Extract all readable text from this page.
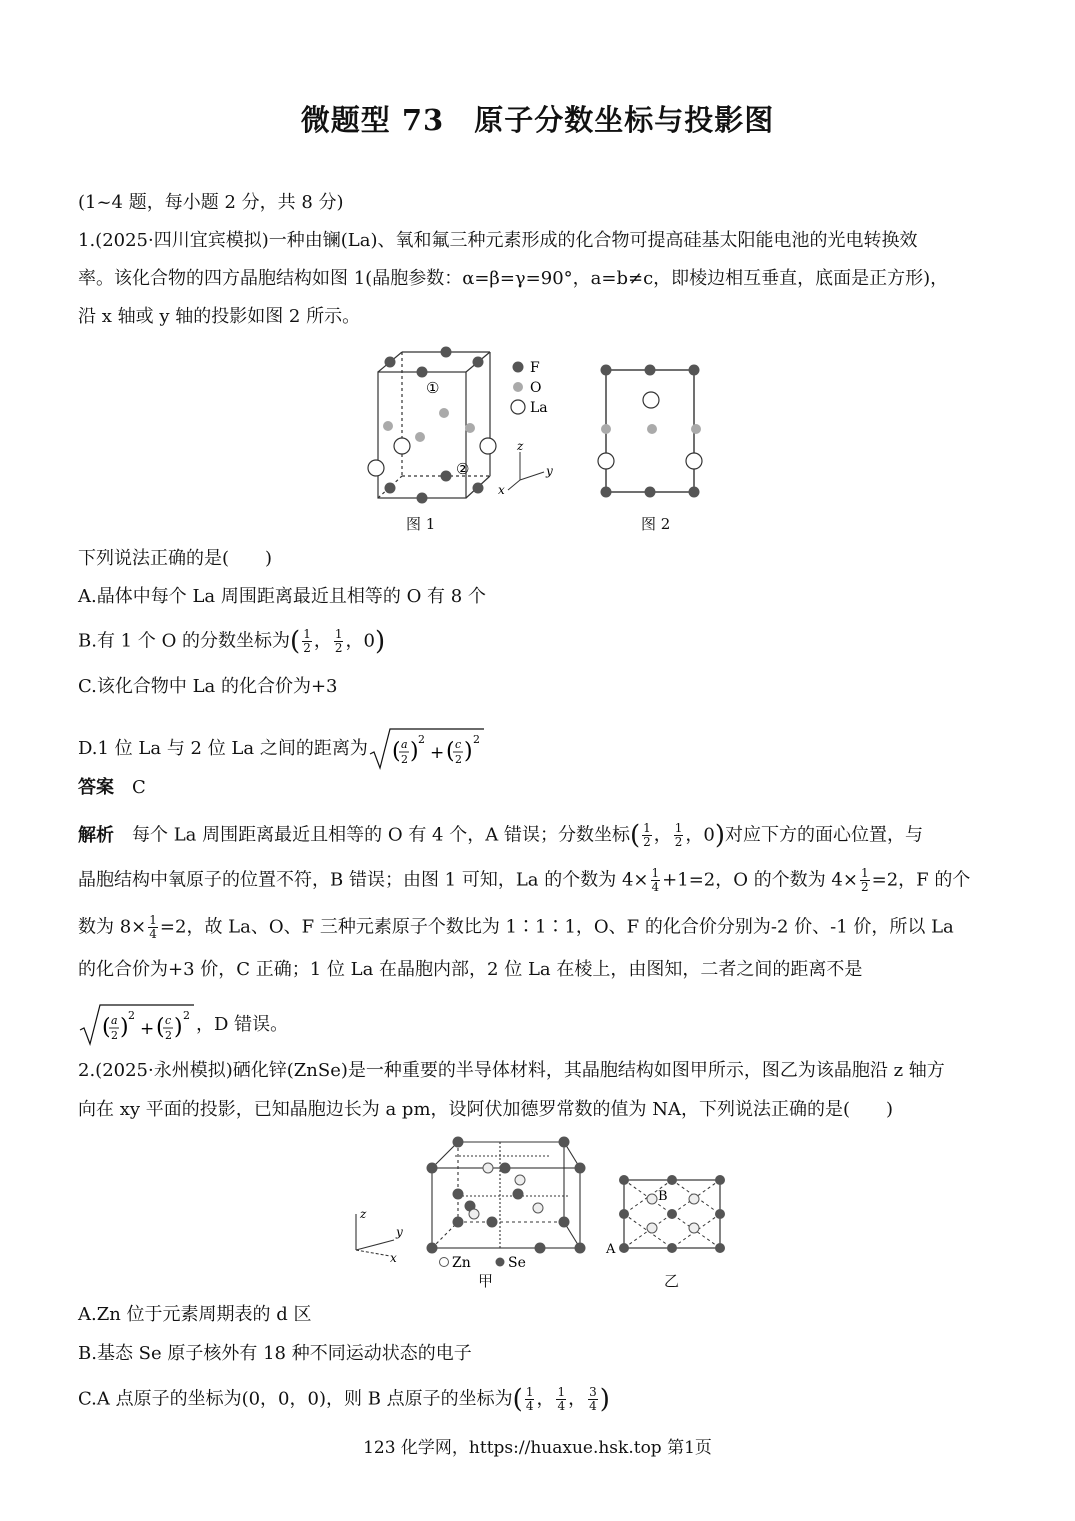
微题型 73　原子分数坐标与投影图
(1~4 题，每小题 2 分，共 8 分)
1.(2025·四川宜宾模拟)一种由镧(La)、氧和氟三种元素形成的化合物可提高硅基太阳能电池的光电转换效
率。该化合物的四方晶胞结构如图 1(晶胞参数：α=β=γ=90°，a=b≠c，即棱边相互垂直，底面是正方形)，
沿 x 轴或 y 轴的投影如图 2 所示。
①
②
z
y
x
F
O
La
图 1	图 2
下列说法正确的是(　　)
A.晶体中每个 La 周围距离最近且相等的 O 有 8 个
B.有 1 个 O 的分数坐标为( $\frac{1}{2}$ ， $\frac{1}{2}$ ，0)
C.该化合物中 La 的化合价为+3
D.1 位 La 与 2 位 La 之间的距离为 ( a
2 ) 2
+ ( c
2 ) 2
答案 C
解析 每个 La 周围距离最近且相等的 O 有 4 个，A 错误；分数坐标( $\frac{1}{2}$ ， $\frac{1}{2}$ ，0)对应下方的面心位置，与
晶胞结构中氧原子的位置不符，B 错误；由图 1 可知，La 的个数为 $4\times \frac{1}{4} +1=2$，O 的个数为 $4\times \frac{1}{2} =2$，F 的个
数为 $8\times \frac{1}{4} =2$，故 La、O、F 三种元素原子个数比为 1∶1∶1，O、F 的化合价分别为-2 价、-1 价，所以 La
的化合价为+3 价，C 正确；1 位 La 在晶胞内部，2 位 La 在棱上，由图知，二者之间的距离不是
( a
2 ) 2
+ ( c
2 ) 2 ，D 错误。
2.(2025·永州模拟)硒化锌(ZnSe)是一种重要的半导体材料，其晶胞结构如图甲所示，图乙为该晶胞沿 z 轴方
向在 xy 平面的投影，已知晶胞边长为 a pm，设阿伏加德罗常数的值为 NA，下列说法正确的是(　　)
z
y
x	Zn	Se
甲
B
A
乙
A.Zn 位于元素周期表的 d 区
B.基态 Se 原子核外有 18 种不同运动状态的电子
C.A 点原子的坐标为(0，0，0)，则 B 点原子的坐标为( $\frac{1}{4}$ ， $\frac{1}{4}$ ， $\frac{3}{4}$ )
123 化学网，https://huaxue.hsk.top 第1页
